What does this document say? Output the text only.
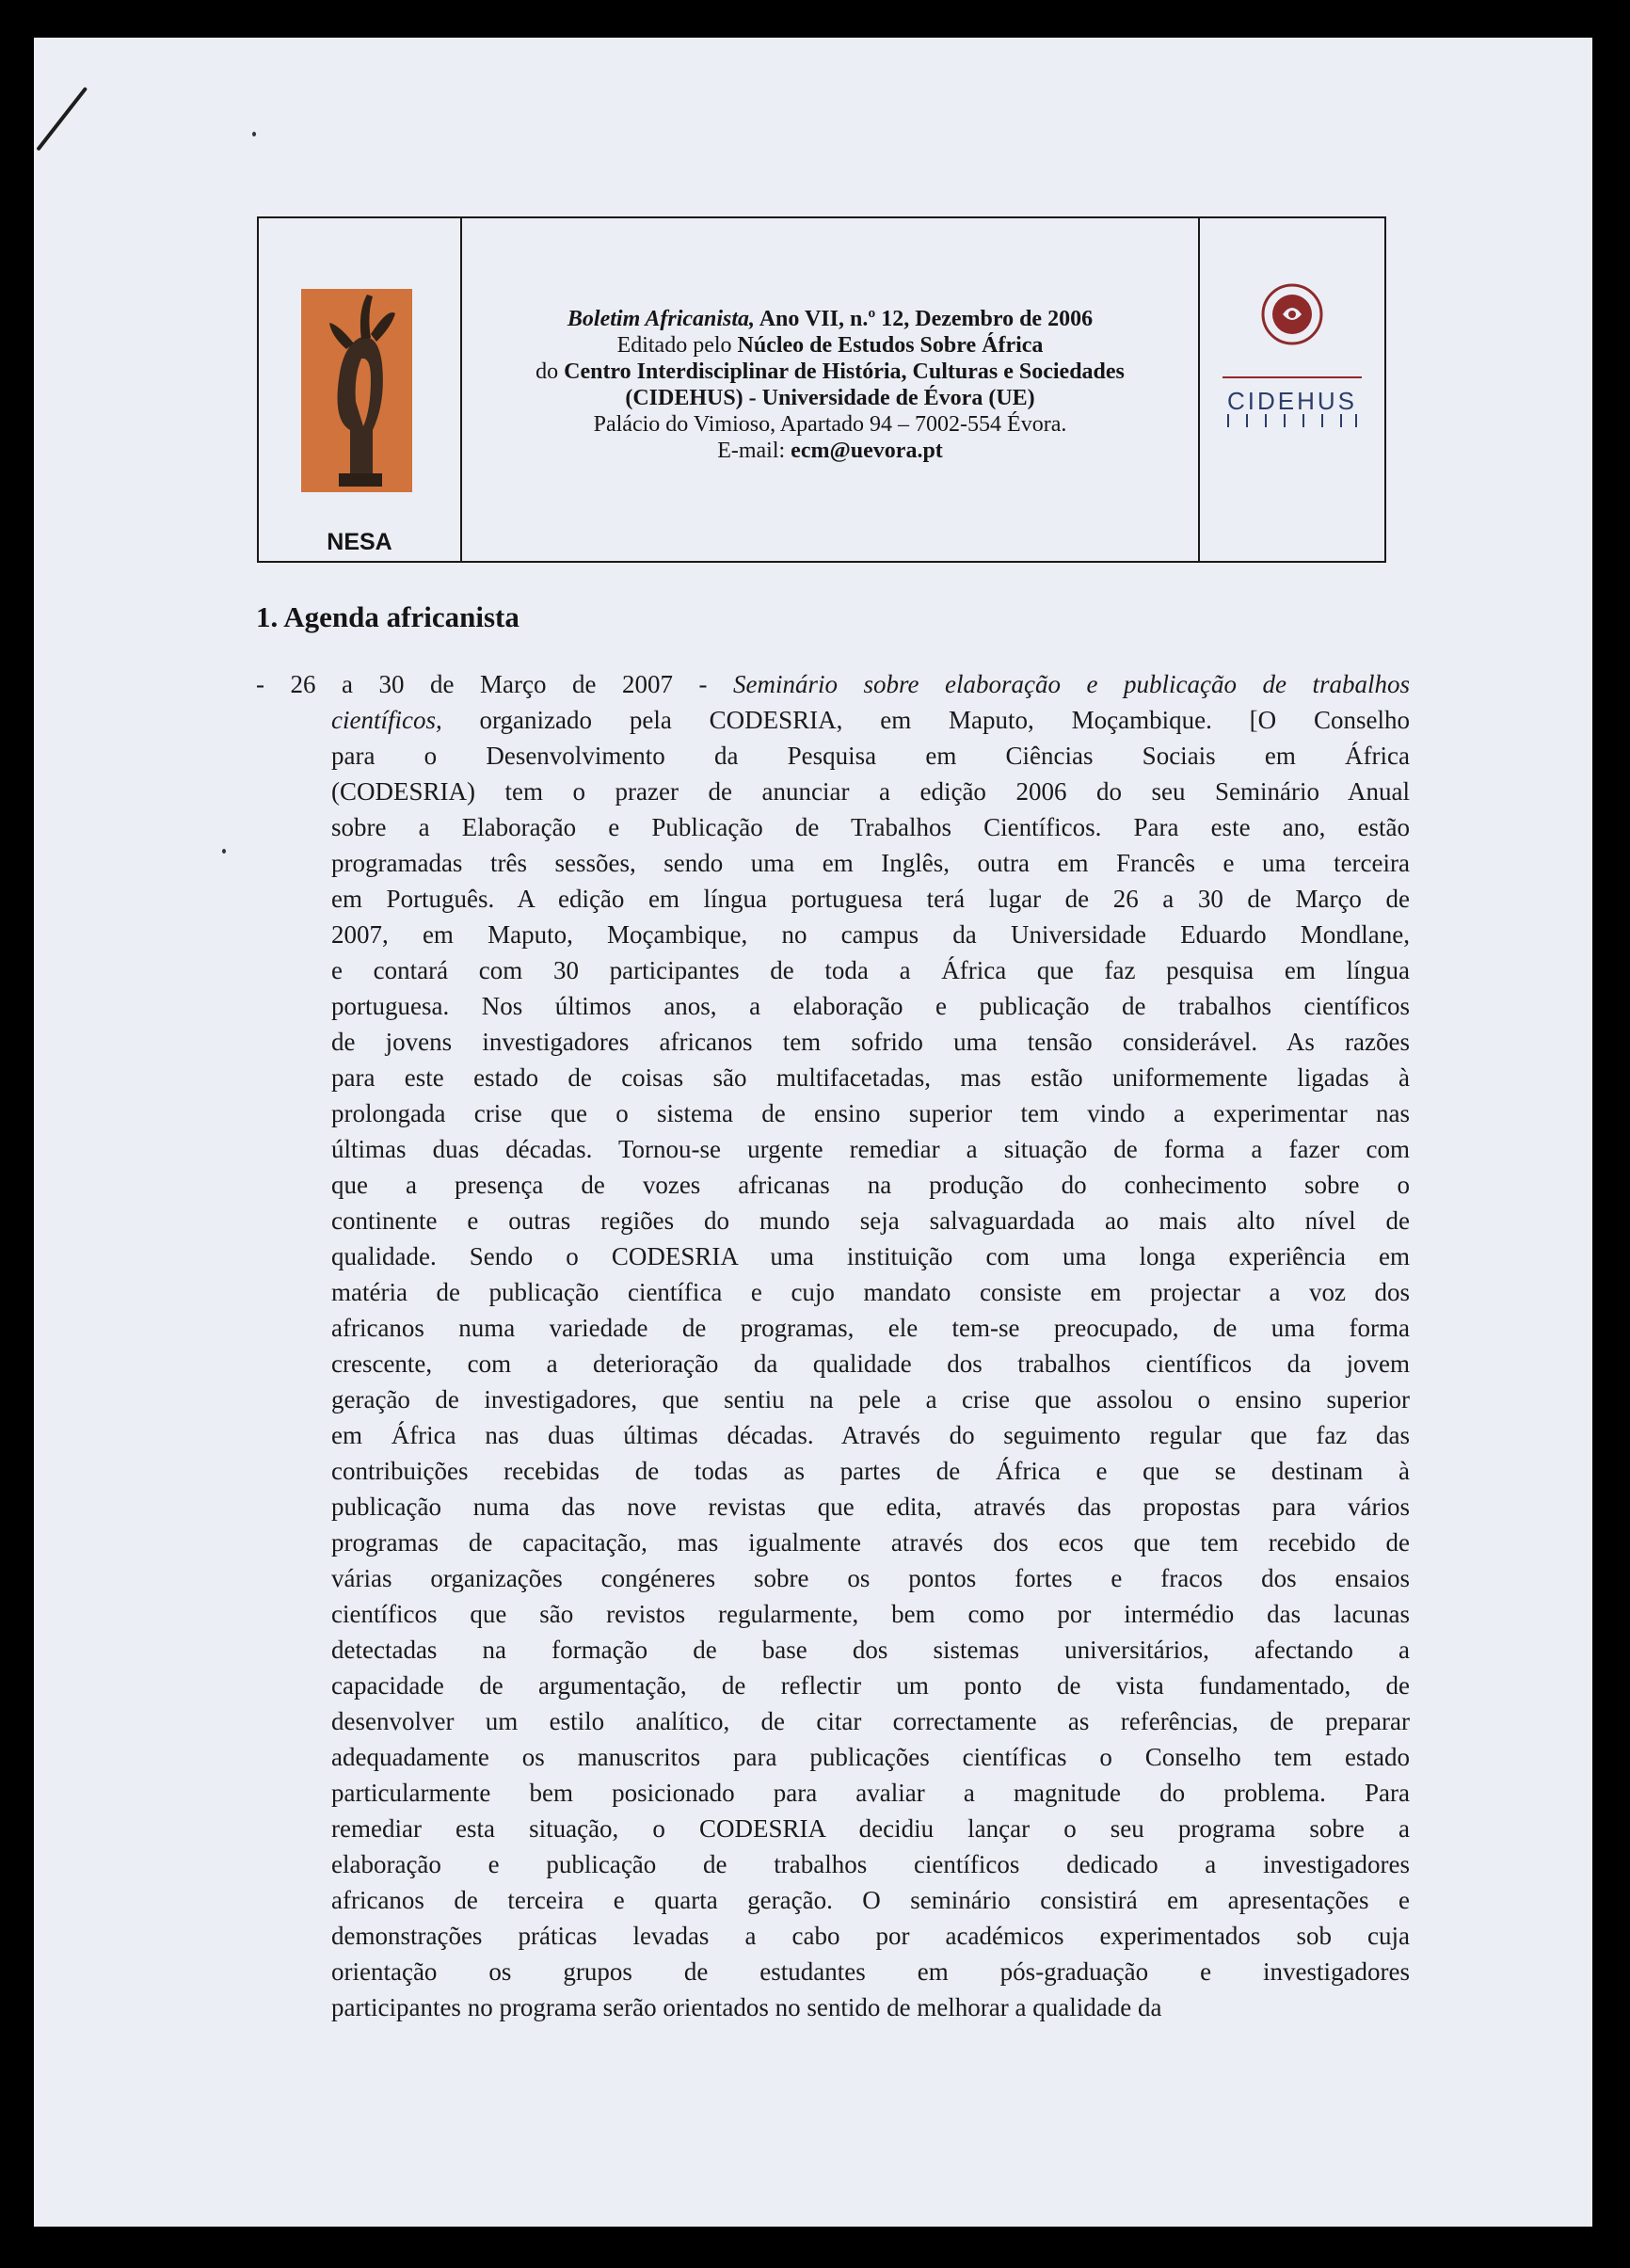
NESA
Boletim Africanista, Ano VII, n.º 12, Dezembro de 2006
Editado pelo Núcleo de Estudos Sobre África
do Centro Interdisciplinar de História, Culturas e Sociedades
(CIDEHUS) - Universidade de Évora (UE)
Palácio do Vimioso, Apartado 94 – 7002-554 Évora.
E-mail: ecm@uevora.pt
CIDEHUS
1. Agenda africanista
- 26 a 30 de Março de 2007 - Seminário sobre elaboração e publicação de trabalhos
científicos, organizado pela CODESRIA, em Maputo, Moçambique. [O Conselho
para o Desenvolvimento da Pesquisa em Ciências Sociais em África
(CODESRIA) tem o prazer de anunciar a edição 2006 do seu Seminário Anual
sobre a Elaboração e Publicação de Trabalhos Científicos. Para este ano, estão
programadas três sessões, sendo uma em Inglês, outra em Francês e uma terceira
em Português. A edição em língua portuguesa terá lugar de 26 a 30 de Março de
2007, em Maputo, Moçambique, no campus da Universidade Eduardo Mondlane,
e contará com 30 participantes de toda a África que faz pesquisa em língua
portuguesa. Nos últimos anos, a elaboração e publicação de trabalhos científicos
de jovens investigadores africanos tem sofrido uma tensão considerável. As razões
para este estado de coisas são multifacetadas, mas estão uniformemente ligadas à
prolongada crise que o sistema de ensino superior tem vindo a experimentar nas
últimas duas décadas. Tornou-se urgente remediar a situação de forma a fazer com
que a presença de vozes africanas na produção do conhecimento sobre o
continente e outras regiões do mundo seja salvaguardada ao mais alto nível de
qualidade. Sendo o CODESRIA uma instituição com uma longa experiência em
matéria de publicação científica e cujo mandato consiste em projectar a voz dos
africanos numa variedade de programas, ele tem-se preocupado, de uma forma
crescente, com a deterioração da qualidade dos trabalhos científicos da jovem
geração de investigadores, que sentiu na pele a crise que assolou o ensino superior
em África nas duas últimas décadas. Através do seguimento regular que faz das
contribuições recebidas de todas as partes de África e que se destinam à
publicação numa das nove revistas que edita, através das propostas para vários
programas de capacitação, mas igualmente através dos ecos que tem recebido de
várias organizações congéneres sobre os pontos fortes e fracos dos ensaios
científicos que são revistos regularmente, bem como por intermédio das lacunas
detectadas na formação de base dos sistemas universitários, afectando a
capacidade de argumentação, de reflectir um ponto de vista fundamentado, de
desenvolver um estilo analítico, de citar correctamente as referências, de preparar
adequadamente os manuscritos para publicações científicas o Conselho tem estado
particularmente bem posicionado para avaliar a magnitude do problema. Para
remediar esta situação, o CODESRIA decidiu lançar o seu programa sobre a
elaboração e publicação de trabalhos científicos dedicado a investigadores
africanos de terceira e quarta geração. O seminário consistirá em apresentações e
demonstrações práticas levadas a cabo por académicos experimentados sob cuja
orientação os grupos de estudantes em pós-graduação e investigadores
participantes no programa serão orientados no sentido de melhorar a qualidade da
